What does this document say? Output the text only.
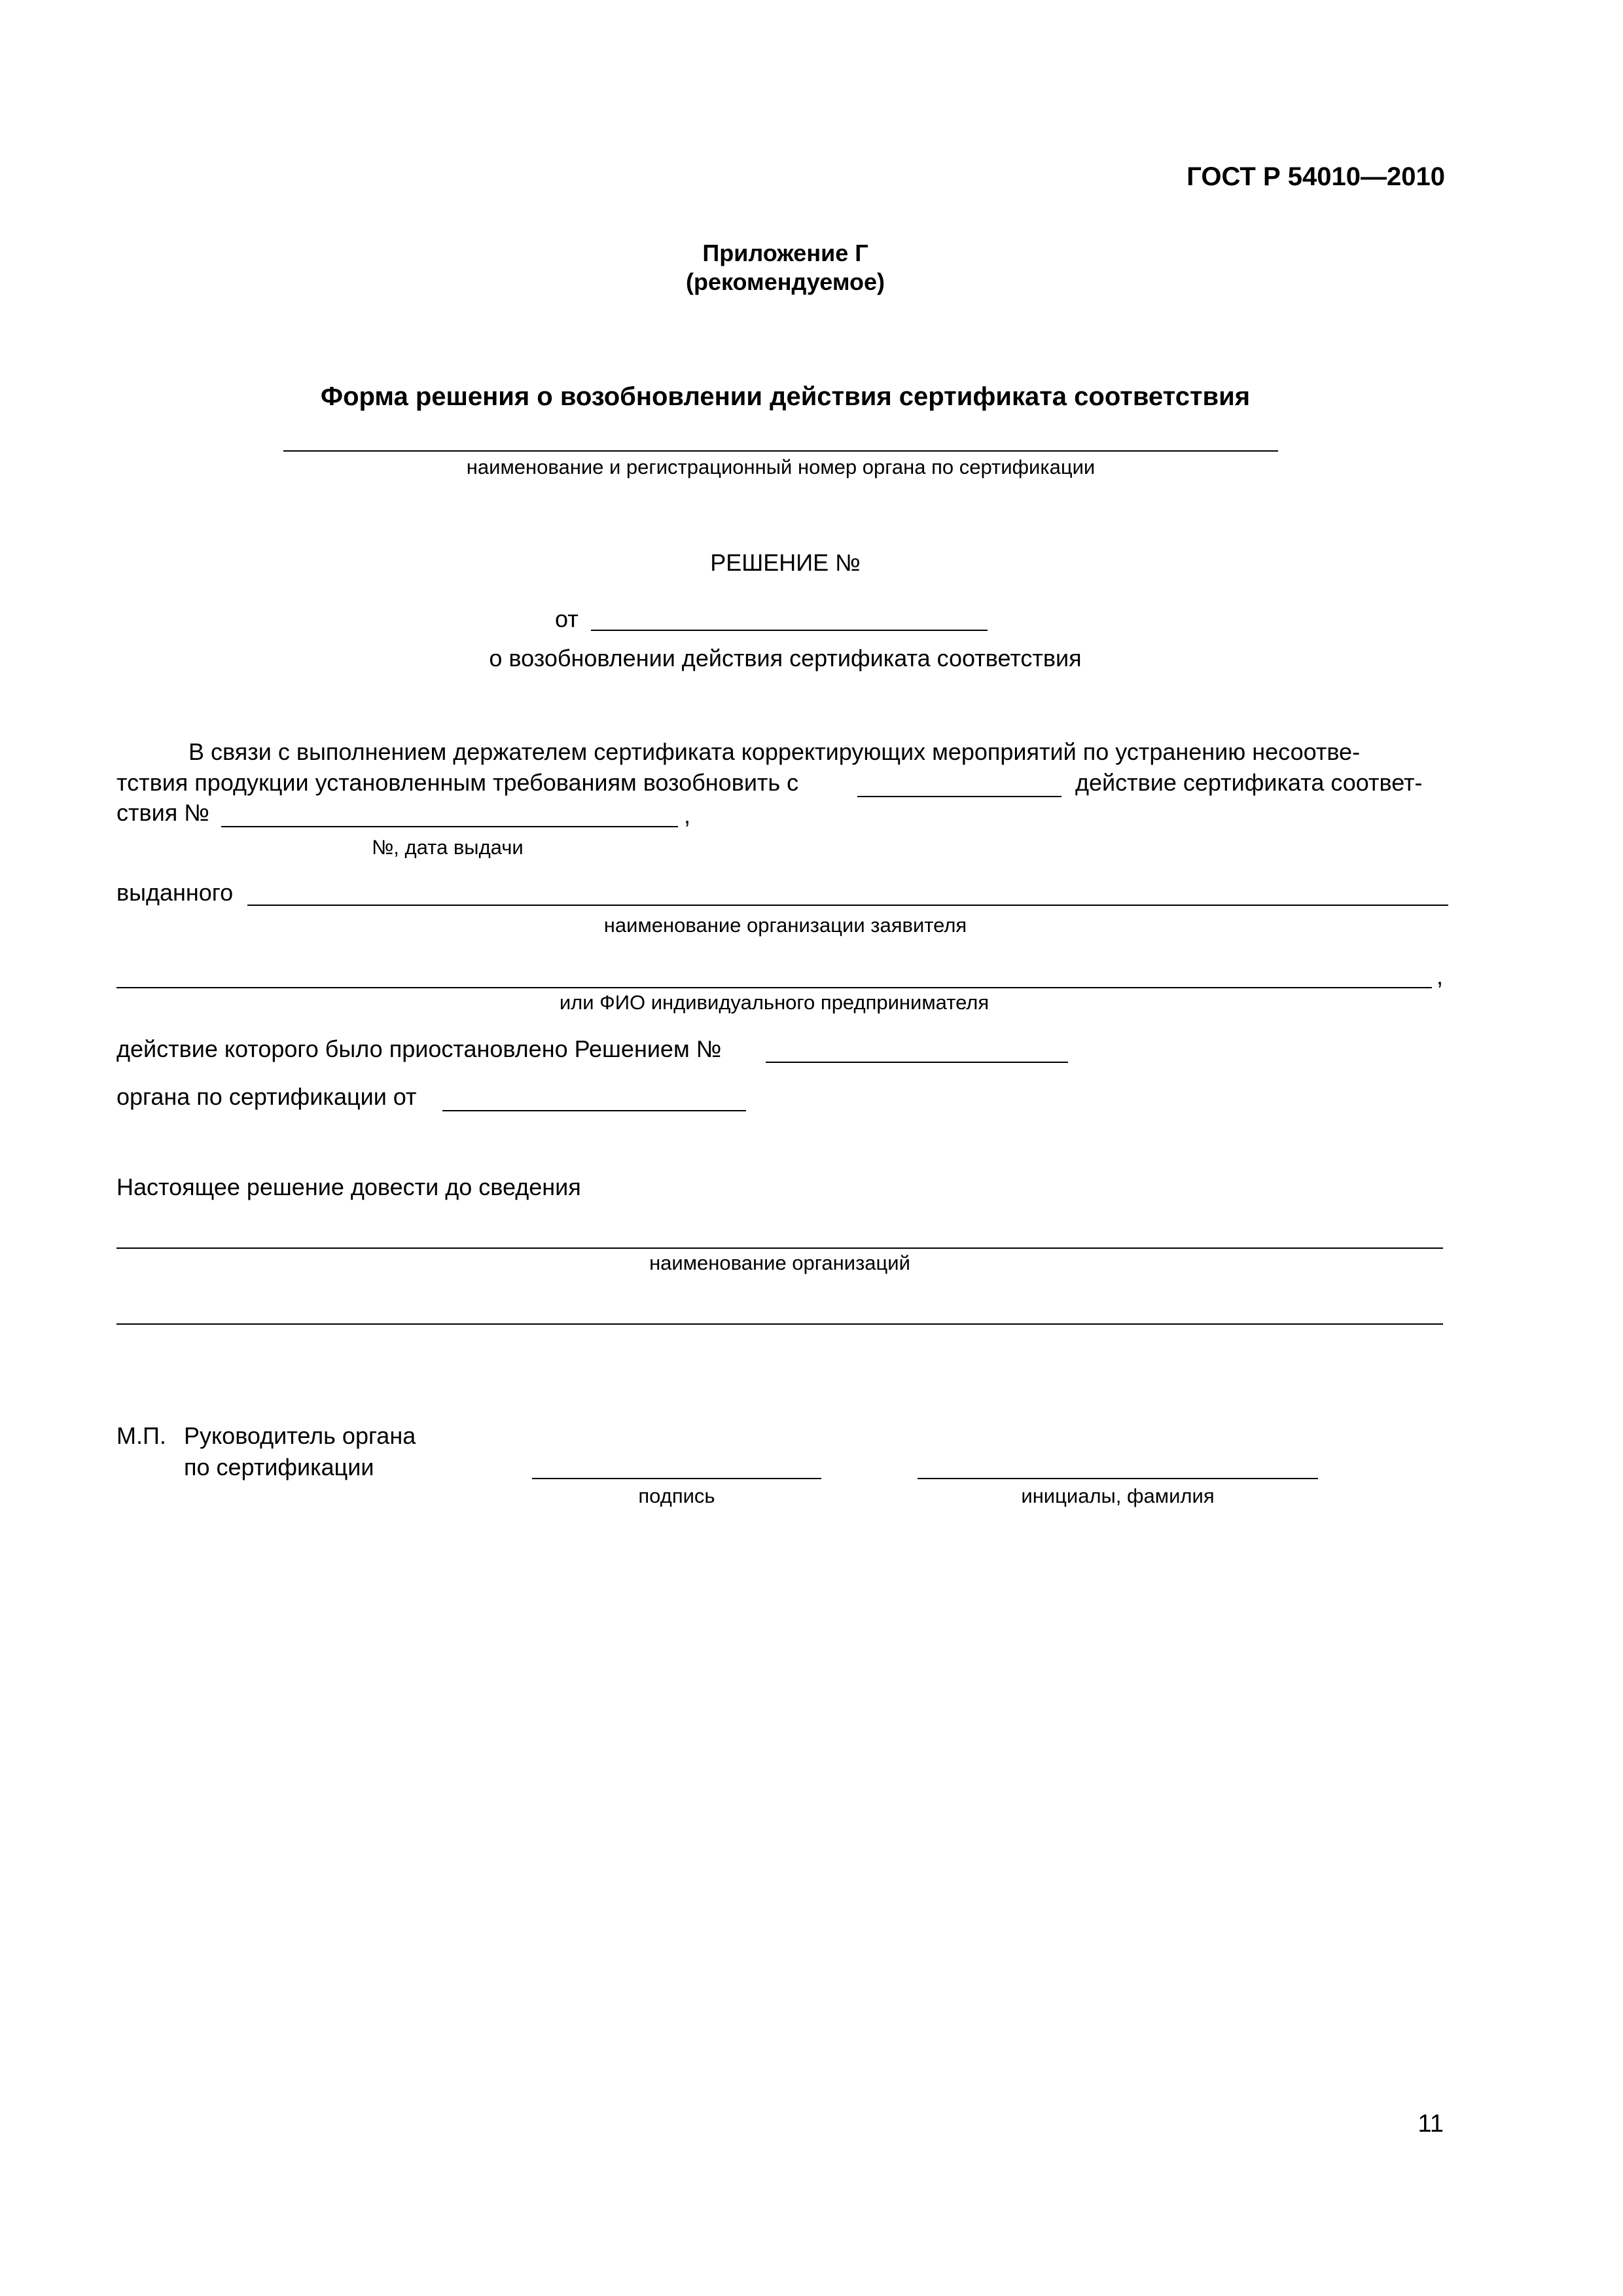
ГОСТ Р 54010—2010
Приложение Г
(рекомендуемое)
Форма решения о возобновлении действия сертификата соответствия
наименование и регистрационный номер органа по сертификации
РЕШЕНИЕ №
от
о возобновлении действия сертификата соответствия
В связи с выполнением держателем сертификата корректирующих мероприятий по устранению несоотве-
тствия продукции установленным требованиям возобновить с	действие сертификата соответ-
ствия №	,
№, дата выдачи
выданного
наименование организации заявителя
,
или ФИО индивидуального предпринимателя
действие которого было приостановлено Решением №
органа по сертификации от
Настоящее решение довести до сведения
наименование организаций
М.П. Руководитель органа
по сертификации
подпись	инициалы, фамилия
11
